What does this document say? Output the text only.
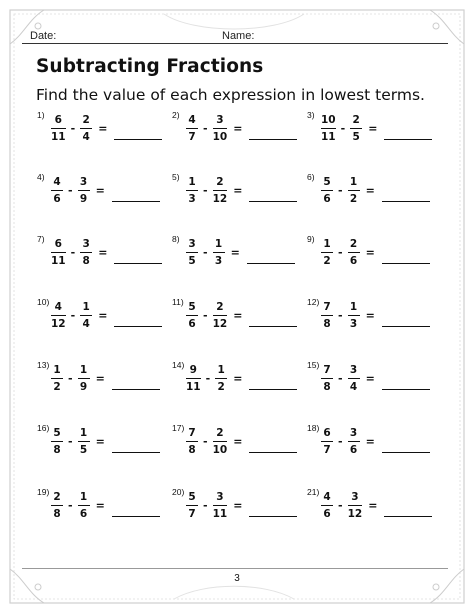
Date:	Name:
Subtracting Fractions
Find the value of each expression in lowest terms.
$1) \frac{6}{11} - \frac{2}{4}$ =
$2) \frac{4}{7} - \frac{3}{10}$ =
$3) \frac{10}{11} - \frac{2}{5}$ =
$4) \frac{4}{6} - \frac{3}{9}$ =
$5) \frac{1}{3} - \frac{2}{12}$ =
$6) \frac{5}{6} - \frac{1}{2}$ =
$7) \frac{6}{11} - \frac{3}{8}$ =
$8) \frac{3}{5} - \frac{1}{3}$ =
$9) \frac{1}{2} - \frac{2}{6}$ =
$10) \frac{4}{12} - \frac{1}{4}$ =
$11) \frac{5}{6} - \frac{2}{12}$ =
$12) \frac{7}{8} - \frac{1}{3}$ =
$13) \frac{1}{2} - \frac{1}{9}$ =
$14) \frac{9}{11} - \frac{1}{2}$ =
$15) \frac{7}{8} - \frac{3}{4}$ =
$16) \frac{5}{8} - \frac{1}{5}$ =
$17) \frac{7}{8} - \frac{2}{10}$ =
$18) \frac{6}{7} - \frac{3}{6}$ =
$19) \frac{2}{8} - \frac{1}{6}$ =
$20) \frac{5}{7} - \frac{3}{11}$ =
$21) \frac{4}{6} - \frac{3}{12}$ =
3
